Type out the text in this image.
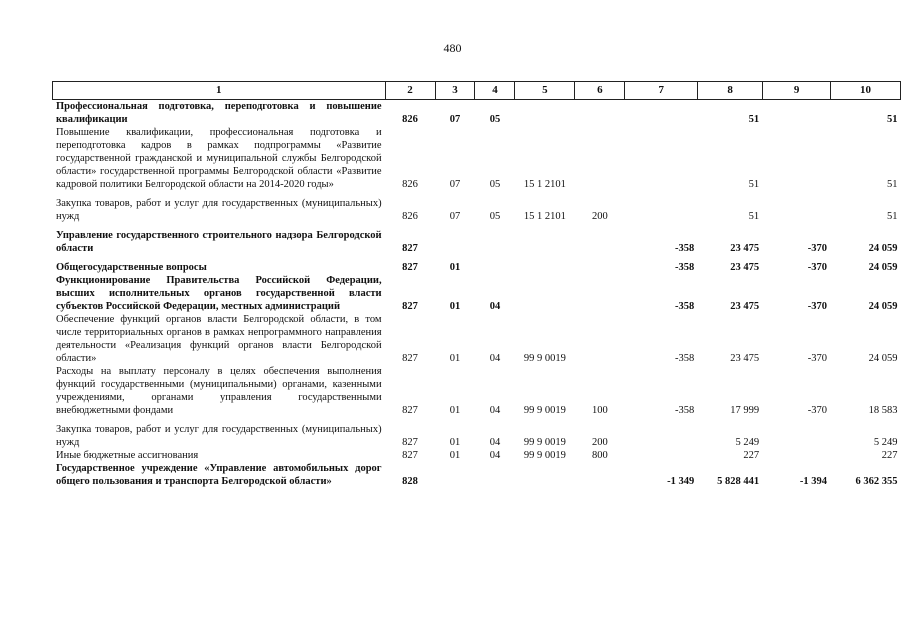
480
1	2	3	4	5	6	7	8	9	10

Профессиональная подготовка, переподготовка и повышение квалификации	826	07	05				51		51

Повышение квалификации, профессиональная подготовка и переподготовка кадров в рамках подпрограммы «Развитие государственной гражданской и муниципальной службы Белгородской области» государственной программы Белгородской области «Развитие кадровой политики Белгородской области на 2014-2020 годы»	826	07	05	15 1 2101			51		51

Закупка товаров, работ и услуг для государственных (муниципальных) нужд	826	07	05	15 1 2101	200		51		51

Управление государственного строительного надзора Белгородской области	827					-358	23 475	-370	24 059

Общегосударственные вопросы	827	01				-358	23 475	-370	24 059

Функционирование Правительства Российской Федерации, высших исполнительных органов государственной власти субъектов Российской Федерации, местных администраций	827	01	04			-358	23 475	-370	24 059

Обеспечение функций органов власти Белгородской области, в том числе территориальных органов в рамках непрограммного направления деятельности «Реализация функций органов власти Белгородской области»	827	01	04	99 9 0019		-358	23 475	-370	24 059

Расходы на выплату персоналу в целях обеспечения выполнения функций государственными (муниципальными) органами, казенными учреждениями, органами управления государственными внебюджетными фондами	827	01	04	99 9 0019	100	-358	17 999	-370	18 583

Закупка товаров, работ и услуг для государственных (муниципальных) нужд	827	01	04	99 9 0019	200		5 249		5 249

Иные бюджетные ассигнования	827	01	04	99 9 0019	800		227		227

Государственное учреждение «Управление автомобильных дорог общего пользования и транспорта Белгородской области»	828					-1 349	5 828 441	-1 394	6 362 355
